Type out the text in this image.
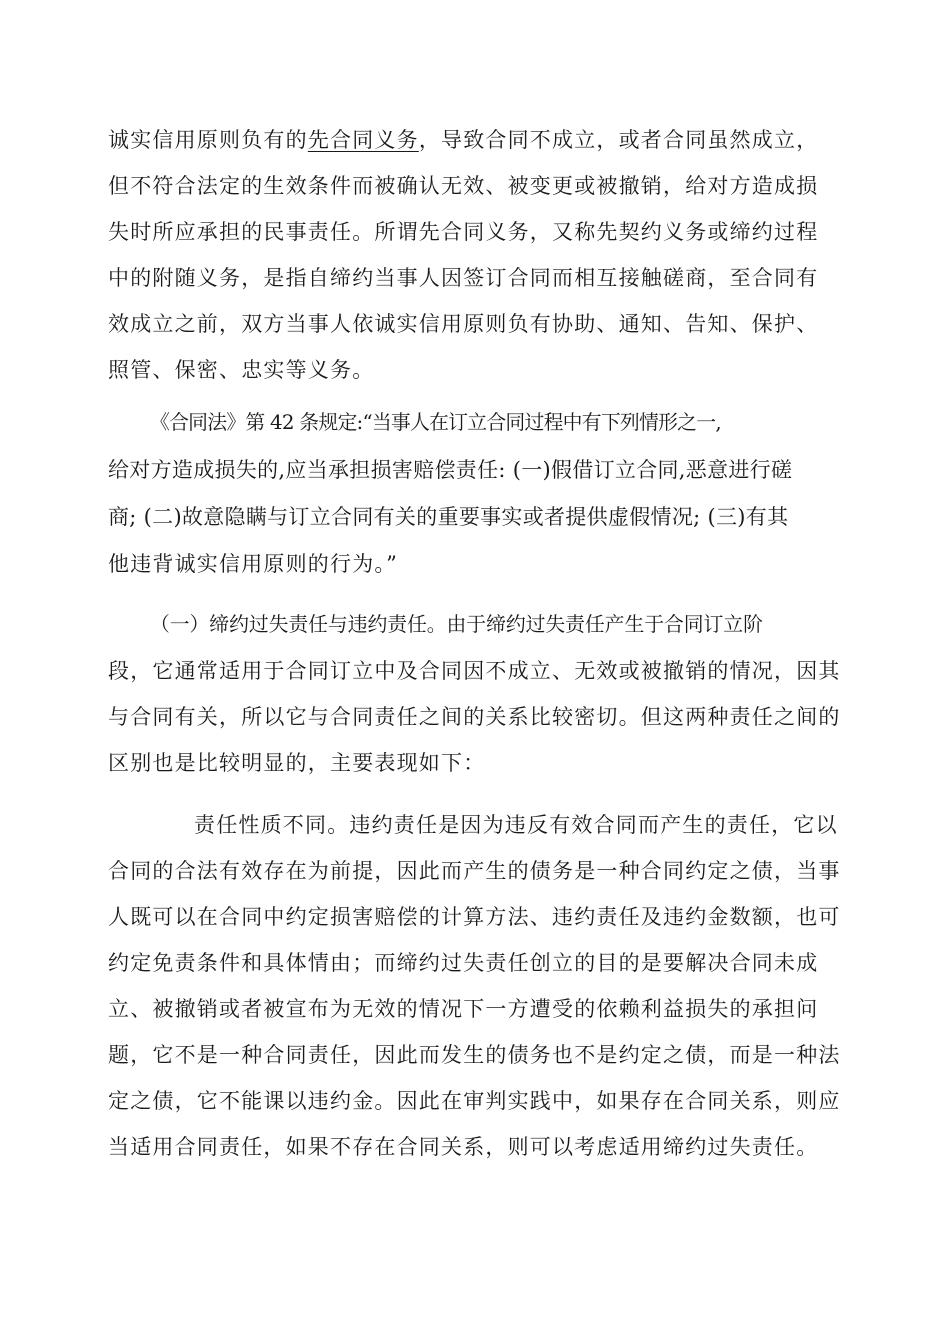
诚实信用原则负有的先合同义务，导致合同不成立，或者合同虽然成立，
但不符合法定的生效条件而被确认无效、被变更或被撤销，给对方造成损
失时所应承担的民事责任。所谓先合同义务，又称先契约义务或缔约过程
中的附随义务，是指自缔约当事人因签订合同而相互接触磋商，至合同有
效成立之前，双方当事人依诚实信用原则负有协助、通知、告知、保护、
照管、保密、忠实等义务。
《合同法》第 42 条规定:“当事人在订立合同过程中有下列情形之一,
给对方造成损失的,应当承担损害赔偿责任: (一)假借订立合同,恶意进行磋
商; (二)故意隐瞒与订立合同有关的重要事实或者提供虚假情况; (三)有其
他违背诚实信用原则的行为。”
（一）缔约过失责任与违约责任。由于缔约过失责任产生于合同订立阶
段，它通常适用于合同订立中及合同因不成立、无效或被撤销的情况，因其
与合同有关，所以它与合同责任之间的关系比较密切。但这两种责任之间的
区别也是比较明显的，主要表现如下：
责任性质不同。违约责任是因为违反有效合同而产生的责任，它以
合同的合法有效存在为前提，因此而产生的债务是一种合同约定之债，当事
人既可以在合同中约定损害赔偿的计算方法、违约责任及违约金数额，也可
约定免责条件和具体情由；而缔约过失责任创立的目的是要解决合同未成
立、被撤销或者被宣布为无效的情况下一方遭受的依赖利益损失的承担问
题，它不是一种合同责任，因此而发生的债务也不是约定之债，而是一种法
定之债，它不能课以违约金。因此在审判实践中，如果存在合同关系，则应
当适用合同责任，如果不存在合同关系，则可以考虑适用缔约过失责任。
